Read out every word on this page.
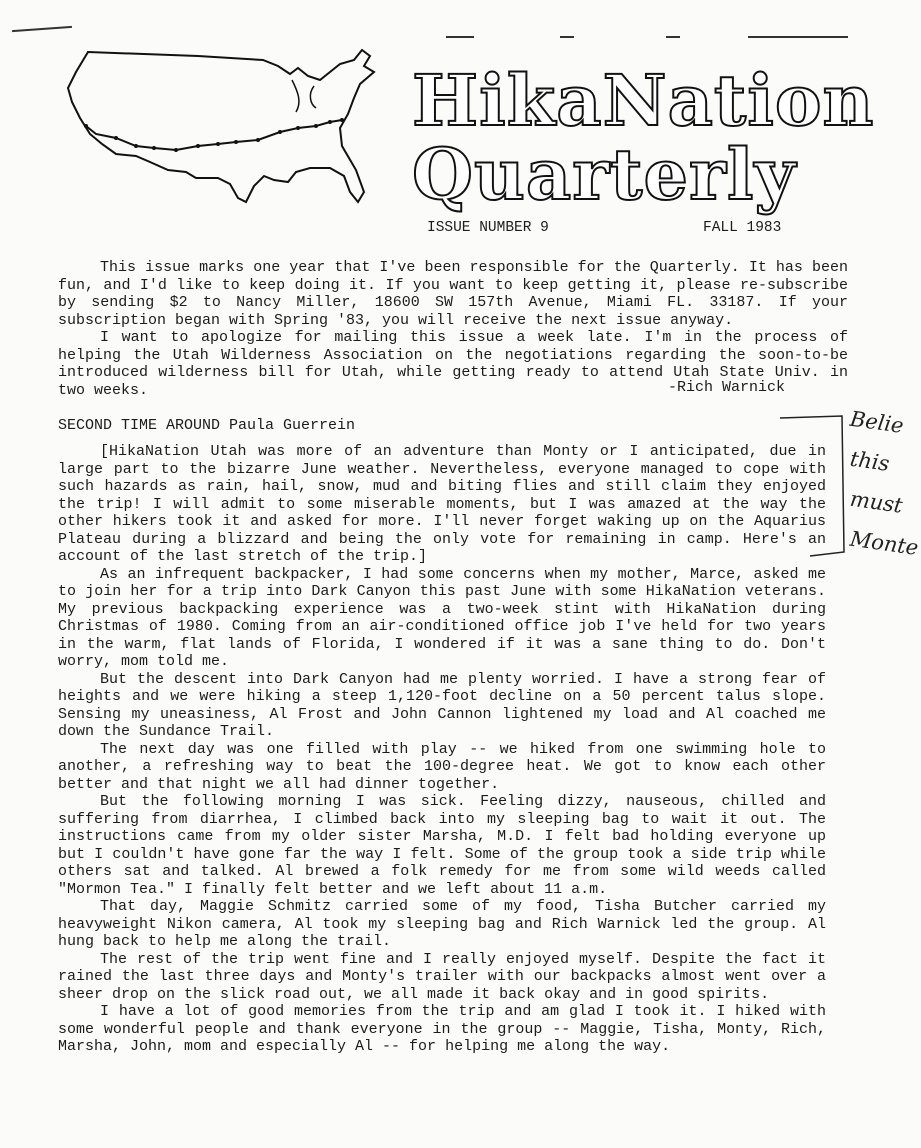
HikaNation
Quarterly
ISSUE NUMBER 9	FALL 1983

This issue marks one year that I've been responsible for the Quarterly. It has been fun, and I'd like to keep doing it. If you want to keep getting it, please re-subscribe by sending $2 to Nancy Miller, 18600 SW 157th Avenue, Miami FL. 33187. If your subscription began with Spring '83, you will receive the next issue anyway.

I want to apologize for mailing this issue a week late. I'm in the process of helping the Utah Wilderness Association on the negotiations regarding the soon-to-be introduced wilderness bill for Utah, while getting ready to attend Utah State Univ. in two weeks.	-Rich Warnick
SECOND TIME AROUND Paula Guerrein

[HikaNation Utah was more of an adventure than Monty or I anticipated, due in large part to the bizarre June weather. Nevertheless, everyone managed to cope with such hazards as rain, hail, snow, mud and biting flies and still claim they enjoyed the trip! I will admit to some miserable moments, but I was amazed at the way the other hikers took it and asked for more. I'll never forget waking up on the Aquarius Plateau during a blizzard and being the only vote for remaining in camp. Here's an account of the last stretch of the trip.]

As an infrequent backpacker, I had some concerns when my mother, Marce, asked me to join her for a trip into Dark Canyon this past June with some HikaNation veterans. My previous backpacking experience was a two-week stint with HikaNation during Christmas of 1980. Coming from an air-conditioned office job I've held for two years in the warm, flat lands of Florida, I wondered if it was a sane thing to do. Don't worry, mom told me.

But the descent into Dark Canyon had me plenty worried. I have a strong fear of heights and we were hiking a steep 1,120-foot decline on a 50 percent talus slope. Sensing my uneasiness, Al Frost and John Cannon lightened my load and Al coached me down the Sundance Trail.

The next day was one filled with play -- we hiked from one swimming hole to another, a refreshing way to beat the 100-degree heat. We got to know each other better and that night we all had dinner together.

But the following morning I was sick. Feeling dizzy, nauseous, chilled and suffering from diarrhea, I climbed back into my sleeping bag to wait it out. The instructions came from my older sister Marsha, M.D. I felt bad holding everyone up but I couldn't have gone far the way I felt. Some of the group took a side trip while others sat and talked. Al brewed a folk remedy for me from some wild weeds called "Mormon Tea." I finally felt better and we left about 11 a.m.

That day, Maggie Schmitz carried some of my food, Tisha Butcher carried my heavyweight Nikon camera, Al took my sleeping bag and Rich Warnick led the group. Al hung back to help me along the trail.

The rest of the trip went fine and I really enjoyed myself. Despite the fact it rained the last three days and Monty's trailer with our backpacks almost went over a sheer drop on the slick road out, we all made it back okay and in good spirits.

I have a lot of good memories from the trip and am glad I took it. I hiked with some wonderful people and thank everyone in the group -- Maggie, Tisha, Monty, Rich, Marsha, John, mom and especially Al -- for helping me along the way.

Belie
this
must
Monte
